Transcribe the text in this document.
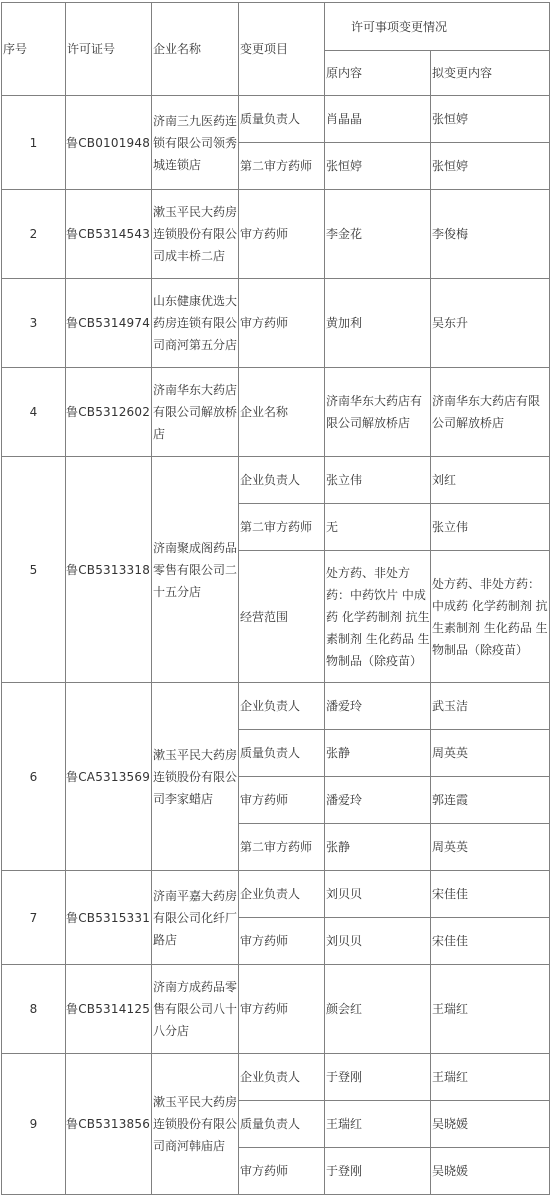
序号	许可证号	企业名称	变更项目	许可事项变更情况	
				原内容	拟变更内容
1	鲁CB0101948	济南三九医药连锁有限公司领秀城连锁店	质量负责人	肖晶晶	张恒婷
			第二审方药师	张恒婷	张恒婷
2	鲁CB5314543	漱玉平民大药房连锁股份有限公司成丰桥二店	审方药师	李金花	李俊梅
3	鲁CB5314974	山东健康优选大药房连锁有限公司商河第五分店	审方药师	黄加利	吴东升
4	鲁CB5312602	济南华东大药店有限公司解放桥店	企业名称	济南华东大药店有限公司解放桥店	济南华东大药店有限公司解放桥店
5	鲁CB5313318	济南聚成阁药品零售有限公司二十五分店	企业负责人	张立伟	刘红
			第二审方药师	无	张立伟
			经营范围	处方药、非处方药：中药饮片 中成药 化学药制剂 抗生素制剂 生化药品 生物制品（除疫苗）	处方药、非处方药：中成药 化学药制剂 抗生素制剂 生化药品 生物制品（除疫苗）
6	鲁CA5313569	漱玉平民大药房连锁股份有限公司李家蜡店	企业负责人	潘爱玲	武玉洁
			质量负责人	张静	周英英
			审方药师	潘爱玲	郭连霞
			第二审方药师	张静	周英英
7	鲁CB5315331	济南平嘉大药房有限公司化纤厂路店	企业负责人	刘贝贝	宋佳佳
			审方药师	刘贝贝	宋佳佳
8	鲁CB5314125	济南方成药品零售有限公司八十八分店	审方药师	颜会红	王瑞红
9	鲁CB5313856	漱玉平民大药房连锁股份有限公司商河韩庙店	企业负责人	于登刚	王瑞红
			质量负责人	王瑞红	吴晓媛
			审方药师	于登刚	吴晓媛
